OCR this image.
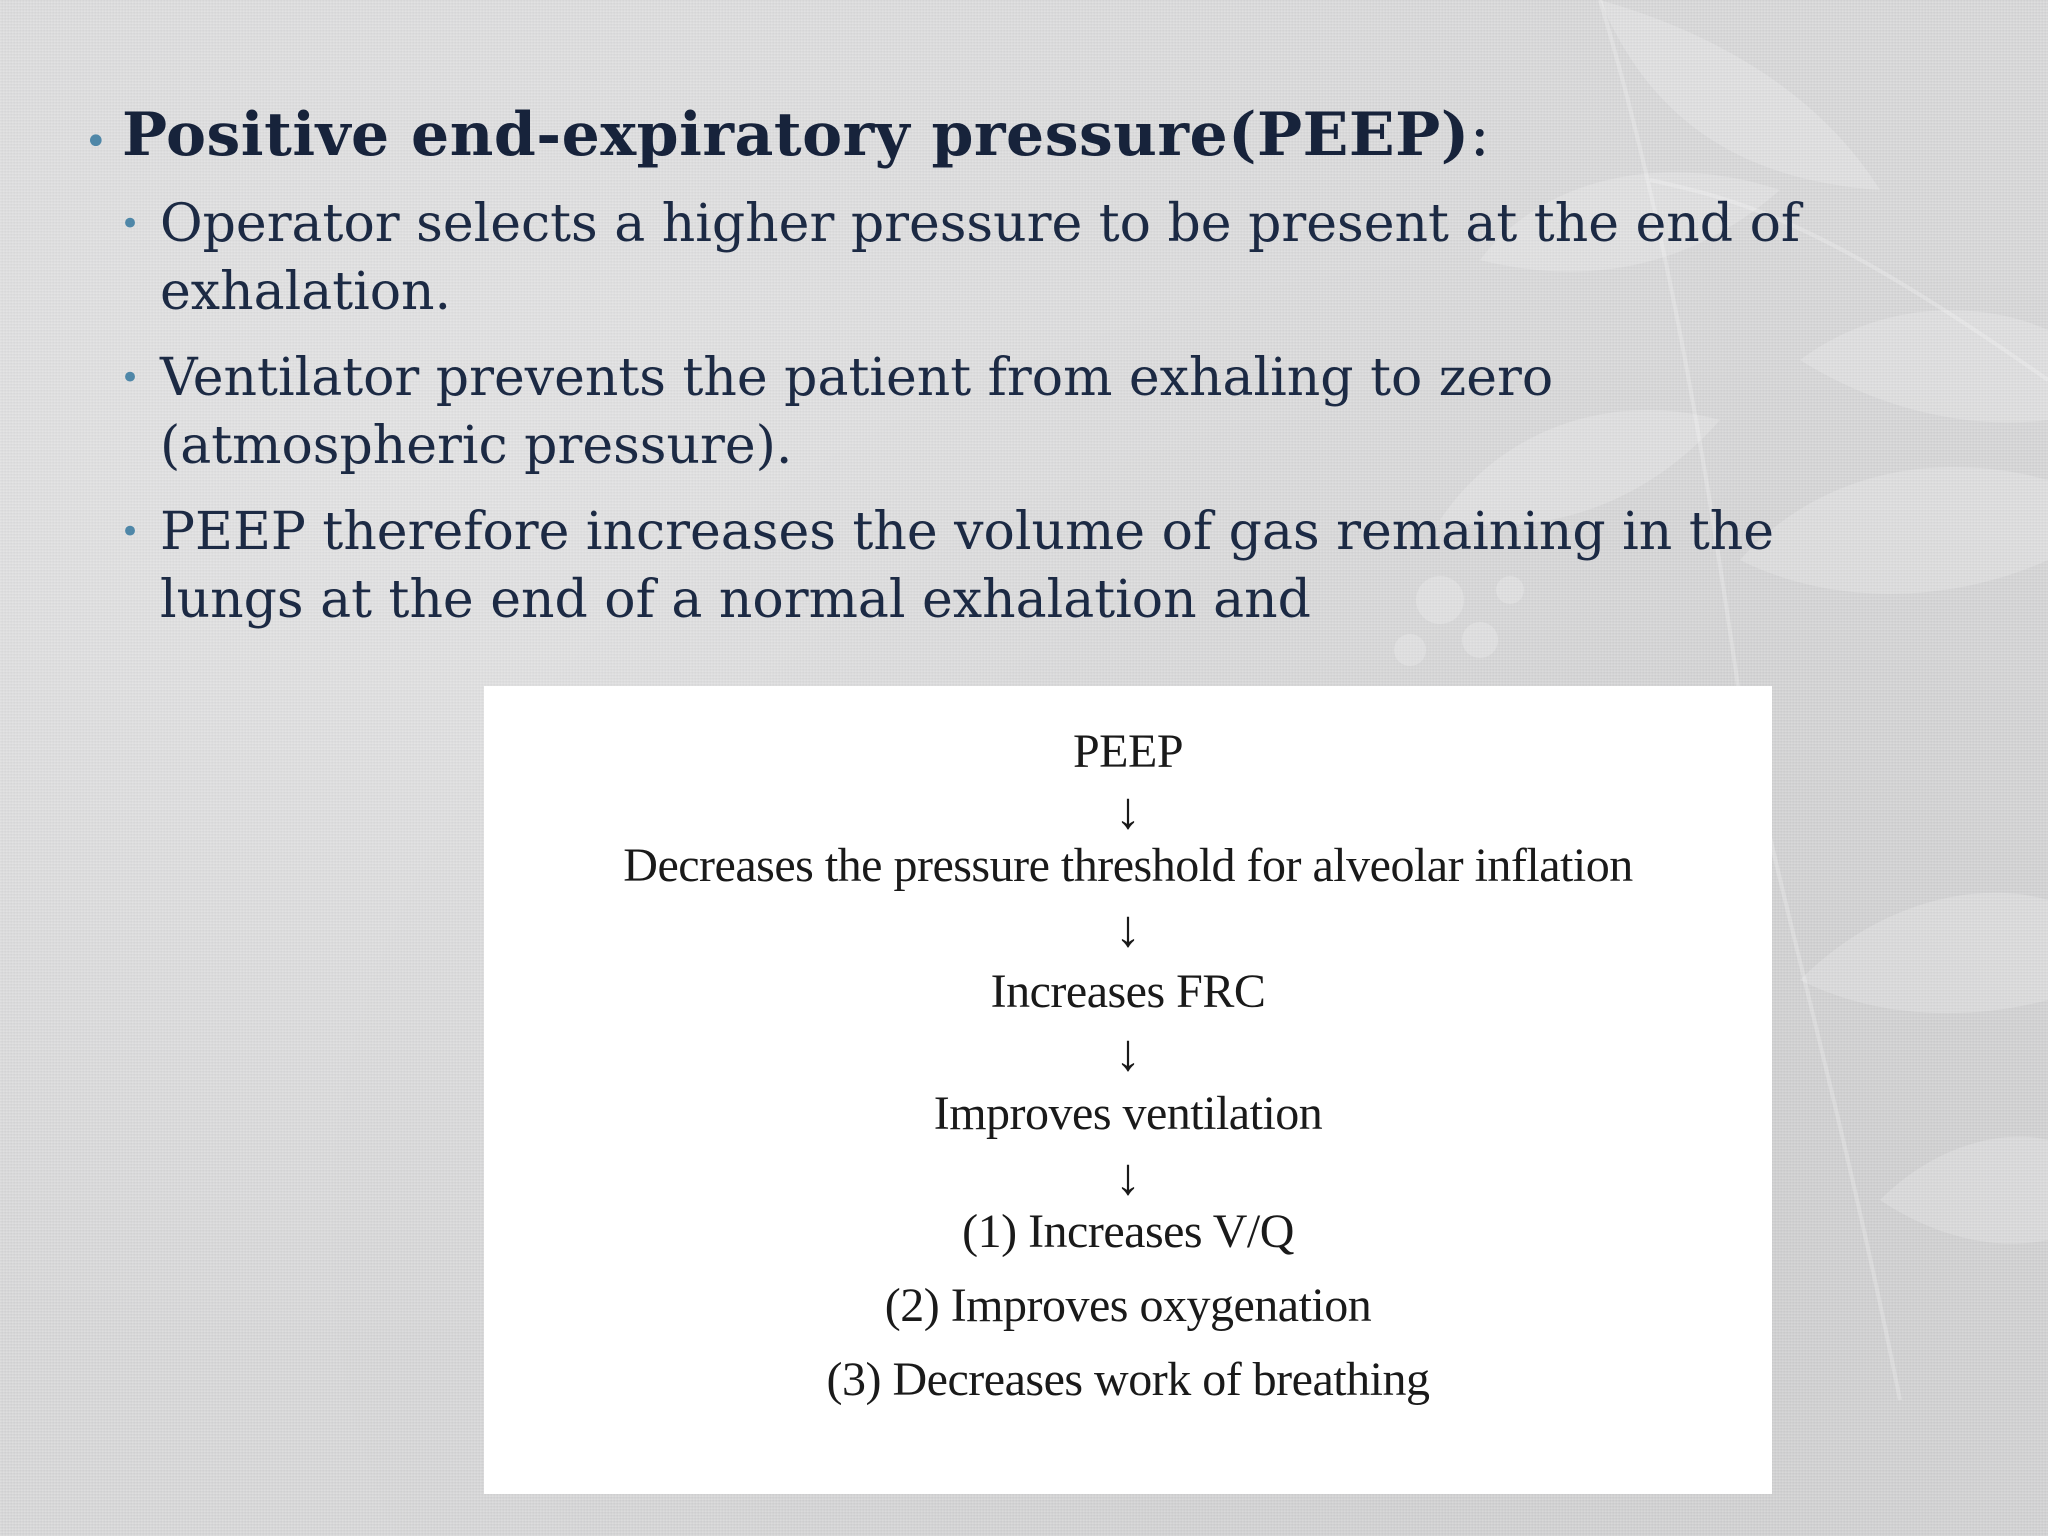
• Positive end-expiratory pressure(PEEP) :
• Operator selects a higher pressure to be present at the end of exhalation.
• Ventilator prevents the patient from exhaling to zero (atmospheric pressure).
• PEEP therefore increases the volume of gas remaining in the lungs at the end of a normal exhalation and
PEEP
↓
Decreases the pressure threshold for alveolar inflation
↓
Increases FRC
↓
Improves ventilation
↓
(1) Increases V/Q
(2) Improves oxygenation
(3) Decreases work of breathing
